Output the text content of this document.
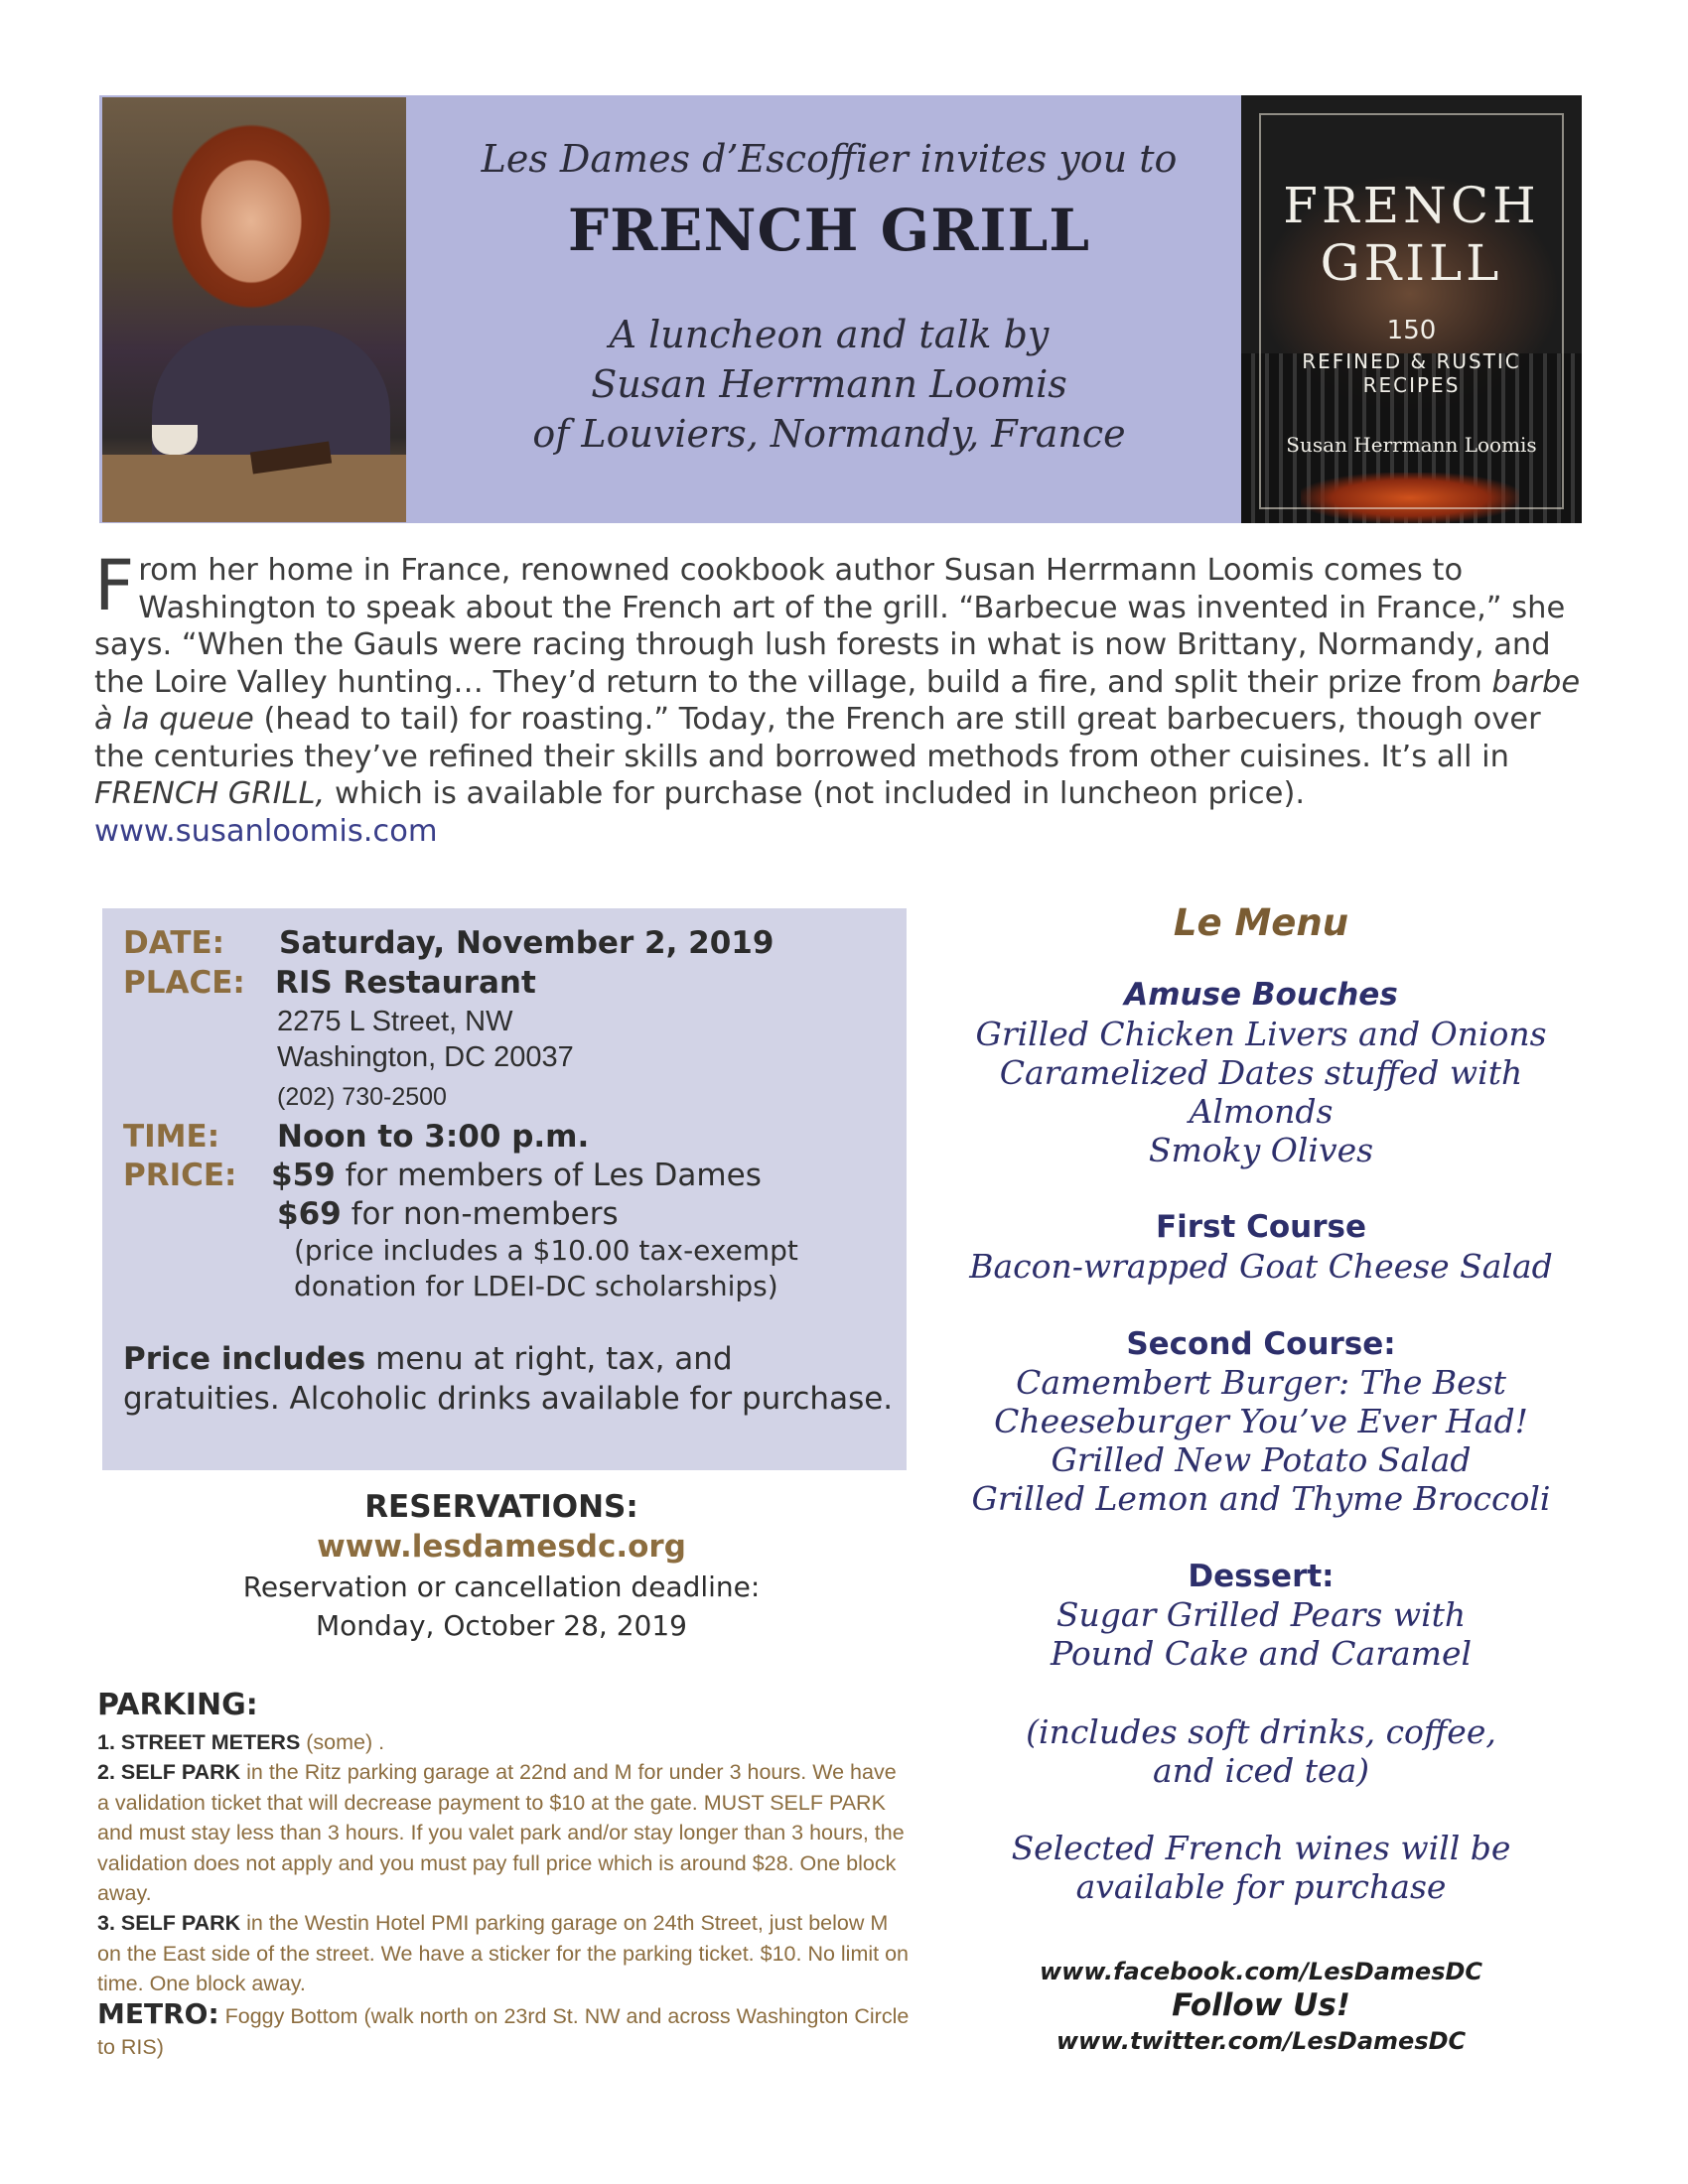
Les Dames d’Escoffier invites you to
FRENCH GRILL
A luncheon and talk by
Susan Herrmann Loomis
of Louviers, Normandy, France
FRENCH
GRILL
150
REFINED & RUSTIC
RECIPES
Susan Herrmann Loomis
From her home in France, renowned cookbook author Susan Herrmann Loomis comes to Washington to speak about the French art of the grill. “Barbecue was invented in France,” she says. “When the Gauls were racing through lush forests in what is now Brittany, Normandy, and the Loire Valley hunting… They’d return to the village, build a fire, and split their prize from barbe à la queue (head to tail) for roasting.” Today, the French are still great barbecuers, though over the centuries they’ve refined their skills and borrowed methods from other cuisines. It’s all in FRENCH GRILL, which is available for purchase (not included in luncheon price). www.susanloomis.com
DATE: Saturday, November 2, 2019
PLACE: RIS Restaurant
2275 L Street, NW
Washington, DC 20037
(202) 730-2500
TIME: Noon to 3:00 p.m.
PRICE: $59 for members of Les Dames
$69 for non-members
(price includes a $10.00 tax-exempt
donation for LDEI-DC scholarships)
Price includes menu at right, tax, and gratuities. Alcoholic drinks available for purchase.
RESERVATIONS:
www.lesdamesdc.org
Reservation or cancellation deadline:
Monday, October 28, 2019
PARKING:
1. STREET METERS (some) .
2. SELF PARK in the Ritz parking garage at 22nd and M for under 3 hours. We have a validation ticket that will decrease payment to $10 at the gate. MUST SELF PARK and must stay less than 3 hours. If you valet park and/or stay longer than 3 hours, the validation does not apply and you must pay full price which is around $28. One block away.
3. SELF PARK in the Westin Hotel PMI parking garage on 24th Street, just below M on the East side of the street. We have a sticker for the parking ticket. $10. No limit on time. One block away.
METRO: Foggy Bottom (walk north on 23rd St. NW and across Washington Circle to RIS)
Le Menu
Amuse Bouches
Grilled Chicken Livers and Onions
Caramelized Dates stuffed with
Almonds
Smoky Olives
First Course
Bacon-wrapped Goat Cheese Salad
Second Course:
Camembert Burger: The Best
Cheeseburger You’ve Ever Had!
Grilled New Potato Salad
Grilled Lemon and Thyme Broccoli
Dessert:
Sugar Grilled Pears with
Pound Cake and Caramel
(includes soft drinks, coffee,
and iced tea)
Selected French wines will be
available for purchase
www.facebook.com/LesDamesDC
Follow Us!
www.twitter.com/LesDamesDC
